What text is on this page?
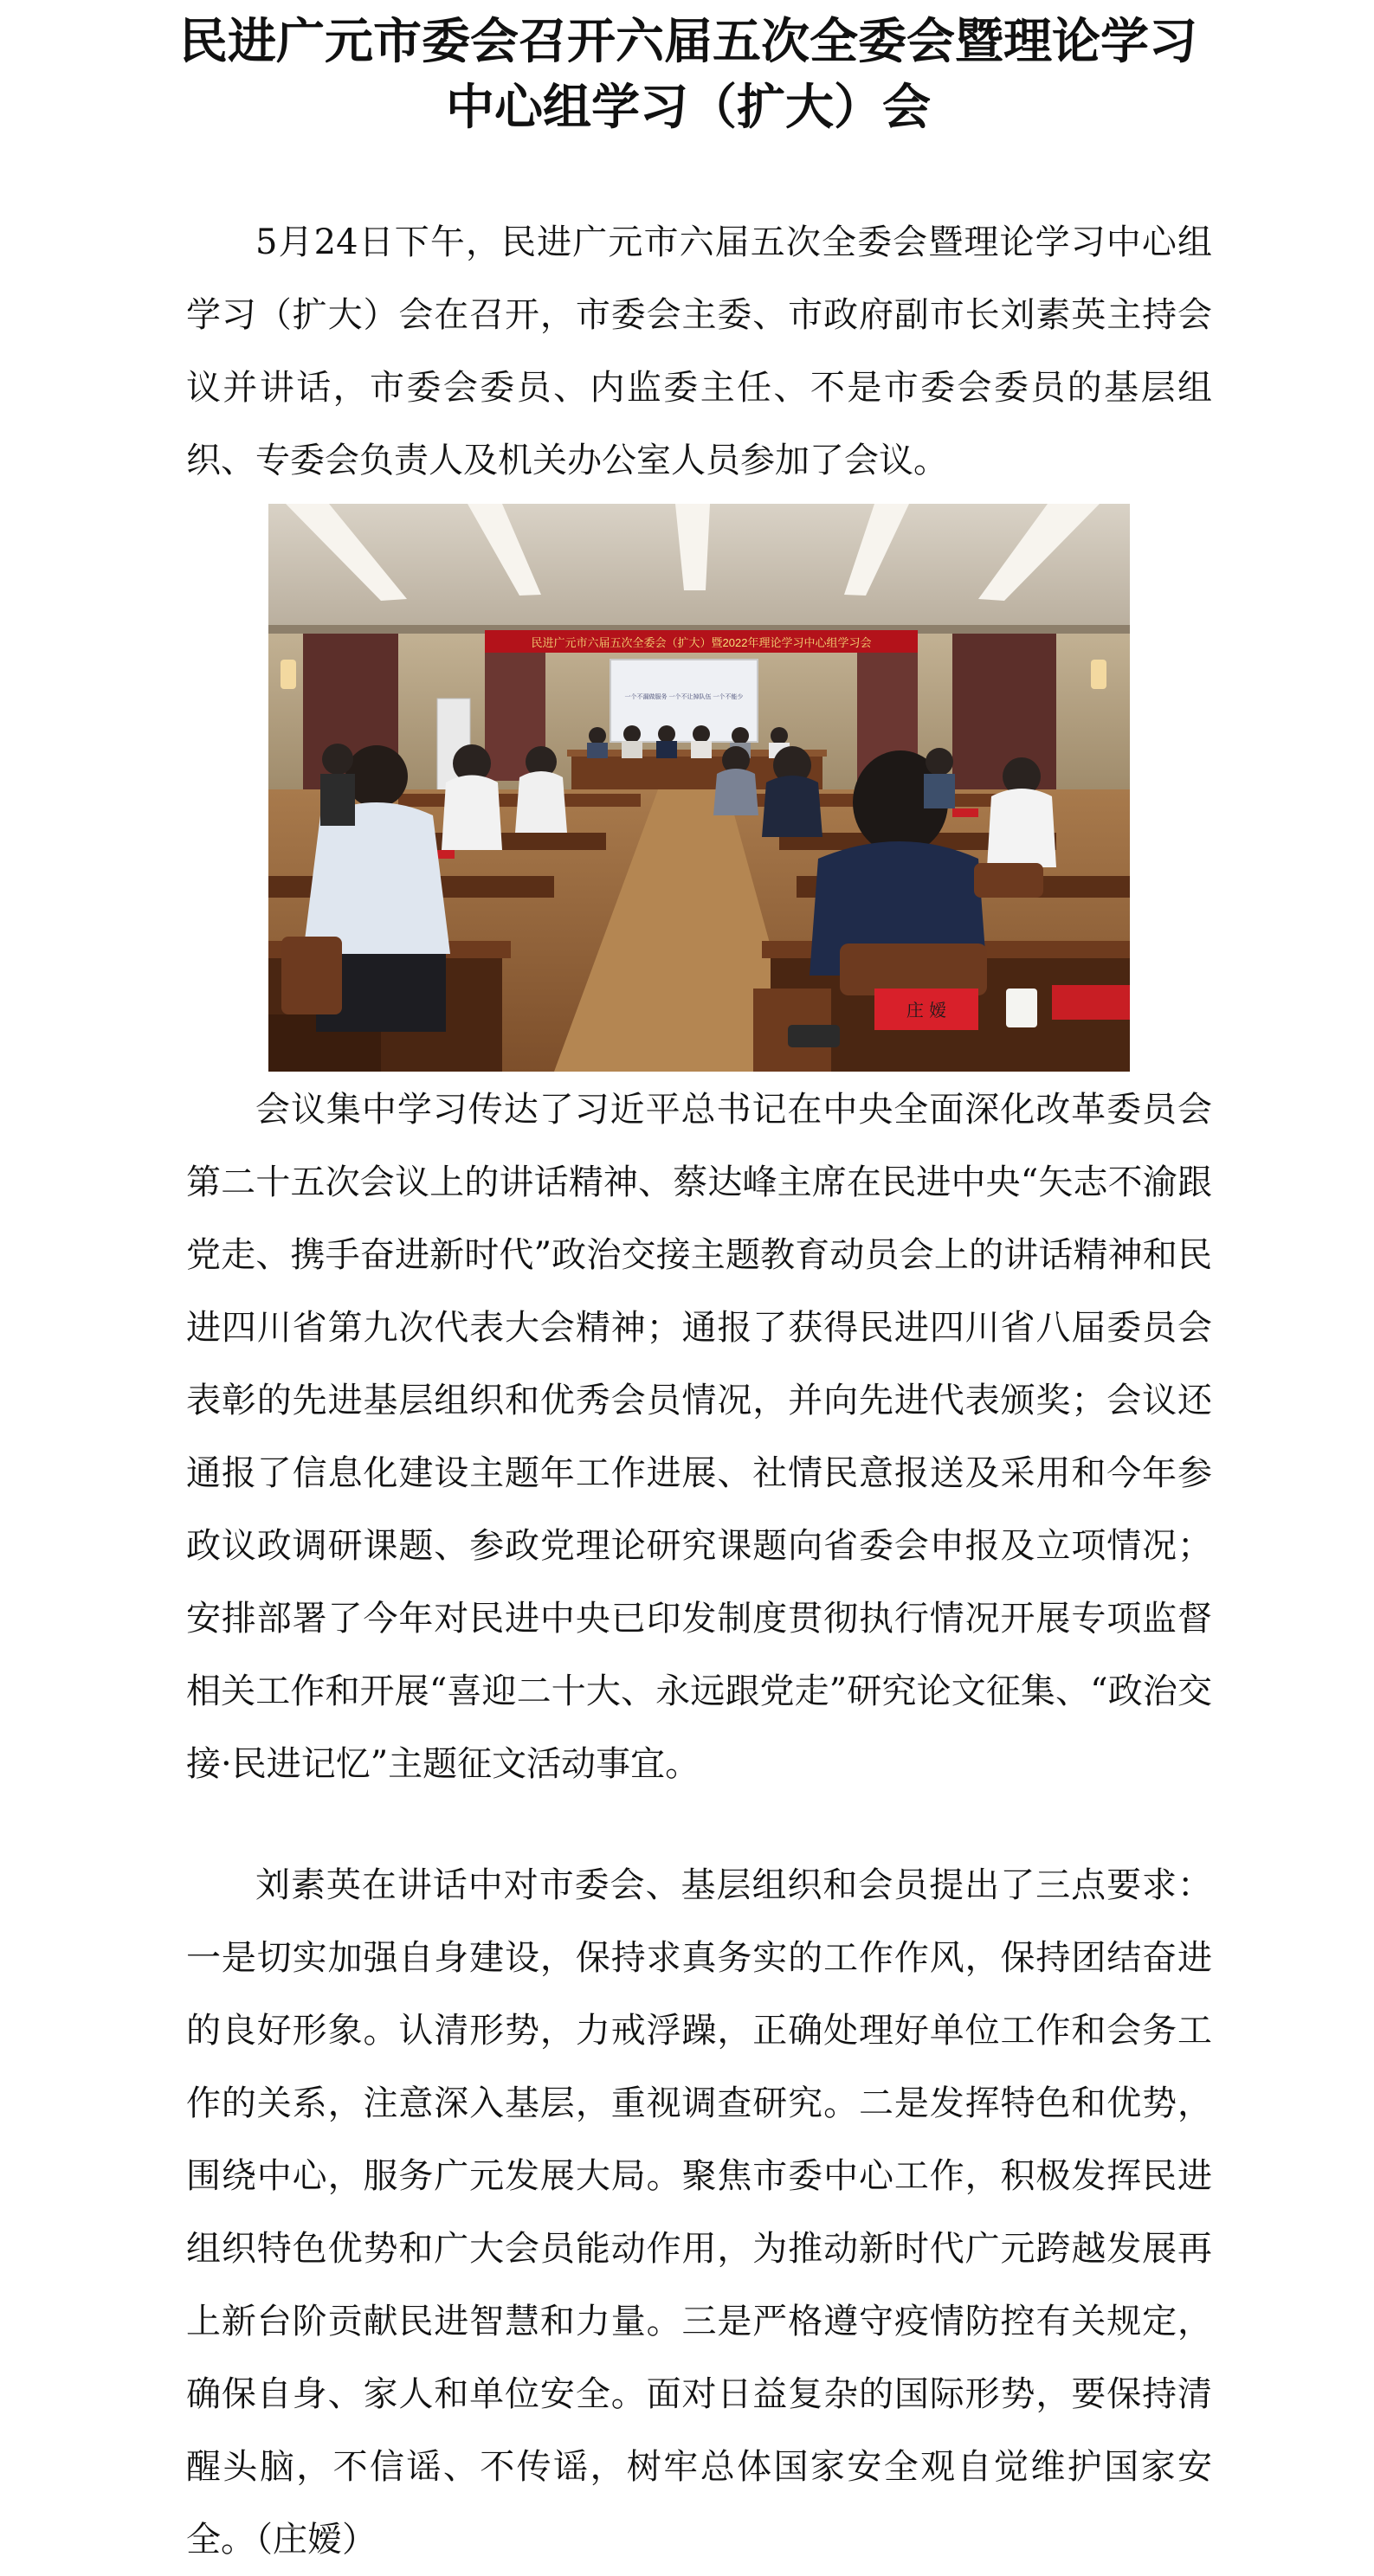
民进广元市委会召开六届五次全委会暨理论学习中心组学习（扩大）会

5月24日下午，民进广元市六届五次全委会暨理论学习中心组学习（扩大）会在召开，市委会主委、市政府副市长刘素英主持会议并讲话，市委会委员、内监委主任、不是市委会委员的基层组织、专委会负责人及机关办公室人员参加了会议。

民进广元市六届五次全委会（扩大）暨2022年理论学习中心组学习会
一个不漏做服务 一个不让掉队伍 一个不能少
庄 嫒

会议集中学习传达了习近平总书记在中央全面深化改革委员会第二十五次会议上的讲话精神、蔡达峰主席在民进中央“矢志不渝跟党走、携手奋进新时代”政治交接主题教育动员会上的讲话精神和民进四川省第九次代表大会精神；通报了获得民进四川省八届委员会表彰的先进基层组织和优秀会员情况，并向先进代表颁奖；会议还通报了信息化建设主题年工作进展、社情民意报送及采用和今年参政议政调研课题、参政党理论研究课题向省委会申报及立项情况；安排部署了今年对民进中央已印发制度贯彻执行情况开展专项监督相关工作和开展“喜迎二十大、永远跟党走”研究论文征集、“政治交接·民进记忆”主题征文活动事宜。

刘素英在讲话中对市委会、基层组织和会员提出了三点要求：一是切实加强自身建设，保持求真务实的工作作风，保持团结奋进的良好形象。认清形势，力戒浮躁，正确处理好单位工作和会务工作的关系，注意深入基层，重视调查研究。二是发挥特色和优势，围绕中心，服务广元发展大局。聚焦市委中心工作，积极发挥民进组织特色优势和广大会员能动作用，为推动新时代广元跨越发展再上新台阶贡献民进智慧和力量。三是严格遵守疫情防控有关规定，确保自身、家人和单位安全。面对日益复杂的国际形势，要保持清醒头脑，不信谣、不传谣，树牢总体国家安全观自觉维护国家安全。（庄嫒）
